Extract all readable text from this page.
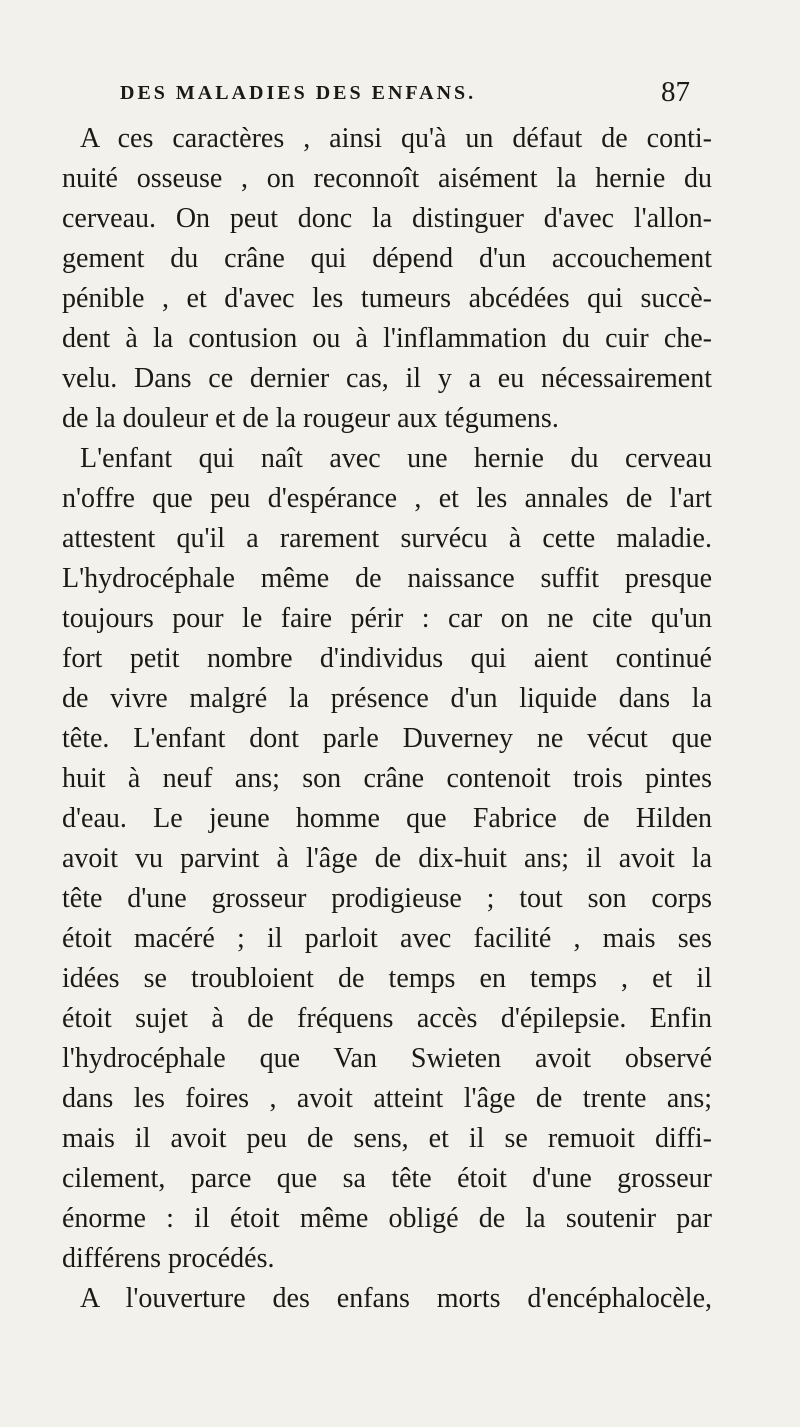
DES MALADIES DES ENFANS.	87
A ces caractères , ainsi qu'à un défaut de conti-
nuité osseuse , on reconnoît aisément la hernie du
cerveau. On peut donc la distinguer d'avec l'allon-
gement du crâne qui dépend d'un accouchement
pénible , et d'avec les tumeurs abcédées qui succè-
dent à la contusion ou à l'inflammation du cuir che-
velu. Dans ce dernier cas, il y a eu nécessairement
de la douleur et de la rougeur aux tégumens.
L'enfant qui naît avec une hernie du cerveau
n'offre que peu d'espérance , et les annales de l'art
attestent qu'il a rarement survécu à cette maladie.
L'hydrocéphale même de naissance suffit presque
toujours pour le faire périr : car on ne cite qu'un
fort petit nombre d'individus qui aient continué
de vivre malgré la présence d'un liquide dans la
tête. L'enfant dont parle Duverney ne vécut que
huit à neuf ans; son crâne contenoit trois pintes
d'eau. Le jeune homme que Fabrice de Hilden
avoit vu parvint à l'âge de dix-huit ans; il avoit la
tête d'une grosseur prodigieuse ; tout son corps
étoit macéré ; il parloit avec facilité , mais ses
idées se troubloient de temps en temps , et il
étoit sujet à de fréquens accès d'épilepsie. Enfin
l'hydrocéphale que Van Swieten avoit observé
dans les foires , avoit atteint l'âge de trente ans;
mais il avoit peu de sens, et il se remuoit diffi-
cilement, parce que sa tête étoit d'une grosseur
énorme : il étoit même obligé de la soutenir par
différens procédés.
A l'ouverture des enfans morts d'encéphalocèle,
